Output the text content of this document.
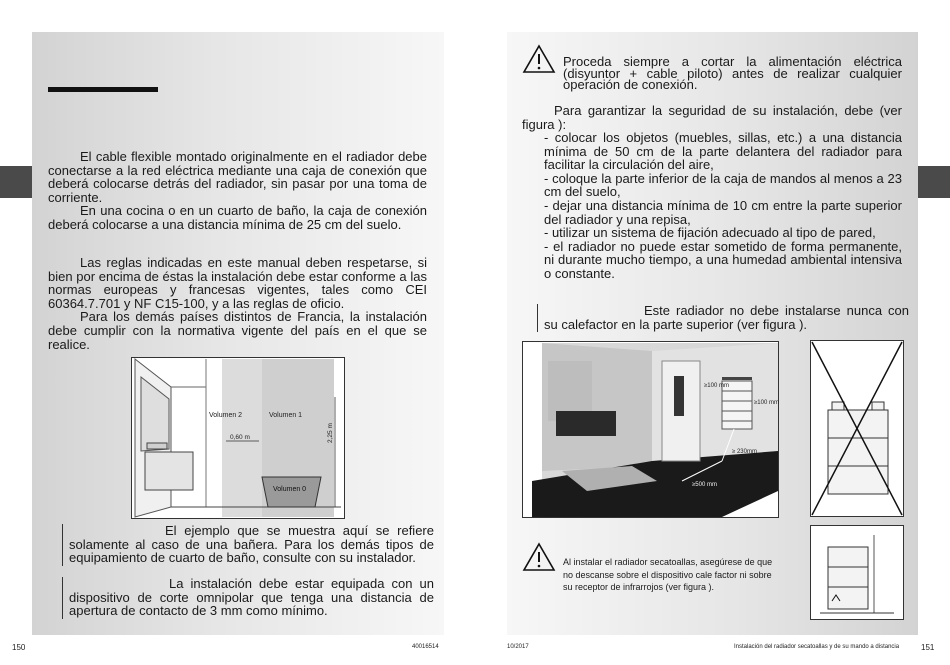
El cable flexible montado originalmente en el radiador debe conectarse a la red eléctrica mediante una caja de conexión que deberá colocarse detrás del radiador, sin pasar por una toma de corriente.

En una cocina o en un cuarto de baño, la caja de conexión deberá colocarse a una distancia mínima de 25 cm del suelo.

Las reglas indicadas en este manual deben respetarse, si bien por encima de éstas la instalación debe estar conforme a las normas europeas y francesas vigentes, tales como CEI 60364.7.701 y NF C15-100, y a las reglas de oficio.

Para los demás países distintos de Francia, la instalación debe cumplir con la normativa vigente del país en el que se realice.

Volumen 2	Volumen 1
Volumen 0
0,60 m	2,25 m

El ejemplo que se muestra aquí se refiere solamente al caso de una bañera. Para los demás tipos de equipamiento de cuarto de baño, consulte con su instalador.

La instalación debe estar equipada con un dispositivo de corte omnipolar que tenga una distancia de apertura de contacto de 3 mm como mínimo.

150	40016514
Proceda siempre a cortar la alimentación eléctrica (disyuntor + cable piloto) antes de realizar cualquier operación de conexión.

Para garantizar la seguridad de su instalación, debe (ver figura ):

- colocar los objetos (muebles, sillas, etc.) a una distancia mínima de 50 cm de la parte delantera del radiador para facilitar la circulación del aire,

- coloque la parte inferior de la caja de mandos al menos a 23 cm del suelo,

- dejar una distancia mínima de 10 cm entre la parte superior del radiador y una repisa,

- utilizar un sistema de fijación adecuado al tipo de pared,

- el radiador no puede estar sometido de forma permanente, ni durante mucho tiempo, a una humedad ambiental intensiva o constante.

Este radiador no debe instalarse nunca con su calefactor en la parte superior (ver figura ).

≥100 mm
≥100 mm
≥ 230mm
≥500 mm
Al instalar el radiador secatoallas, asegúrese de que no descanse sobre el dispositivo cale factor ni sobre su receptor de infrarrojos (ver figura ).
10/2017	Instalación del radiador secatoallas y de su mando a distancia	151
